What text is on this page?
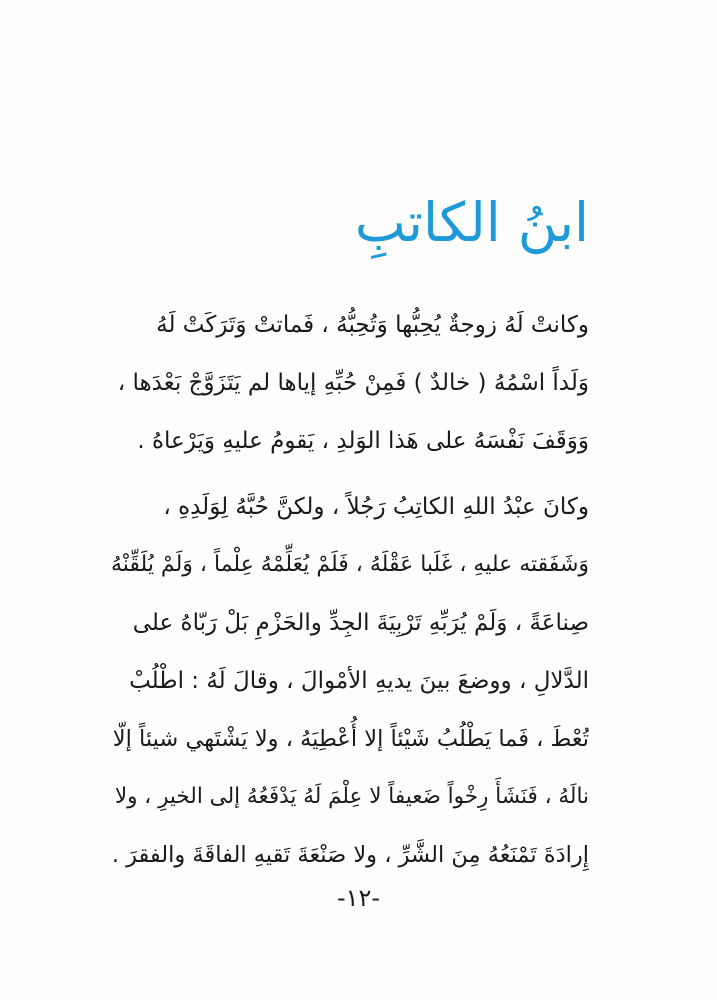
ابنُ الكاتبِ
وكانتْ لَهُ زوجةٌ يُحِبُّها وَتُحِبُّهُ ، فَماتتْ وَتَرَكَتْ لَهُ
وَلَداً اسْمُهُ ( خالدٌ ) فَمِنْ حُبِّهِ إياها لم يَتَزَوَّجْ بَعْدَها ،
وَوَقَفَ نَفْسَهُ على هَذا الوَلدِ ، يَقومُ عليهِ وَيَرْعاهُ .
وكانَ عبْدُ اللهِ الكاتِبُ رَجُلاً ، ولكنَّ حُبَّهُ لِوَلَدِهِ ،
وَشَفَقته عليهِ ، غَلَبا عَقْلَهُ ، فَلَمْ يُعَلِّمْهُ عِلْماً ، وَلَمْ يُلَقِّنْهُ
صِناعَةً ، وَلَمْ يُرَبِّهِ تَرْبِيَةَ الجِدِّ والحَزْمِ بَلْ رَبّاهُ على
الدَّلالِ ، ووضعَ بينَ يديهِ الأمْوالَ ، وقالَ لَهُ : اطْلُبْ
تُعْطَ ، فَما يَطْلُبُ شَيْئاً إلا أُعْطِيَهُ ، ولا يَشْتَهي شيئاً إلّا
نالَهُ ، فَنَشَأَ رِخْواً ضَعيفاً لا عِلْمَ لَهُ يَدْفَعُهُ إلى الخيرِ ، ولا
إِرادَةَ تَمْنَعُهُ مِنَ الشَّرِّ ، ولا صَنْعَةَ تَقيهِ الفاقَةَ والفقرَ .
-١٢-
